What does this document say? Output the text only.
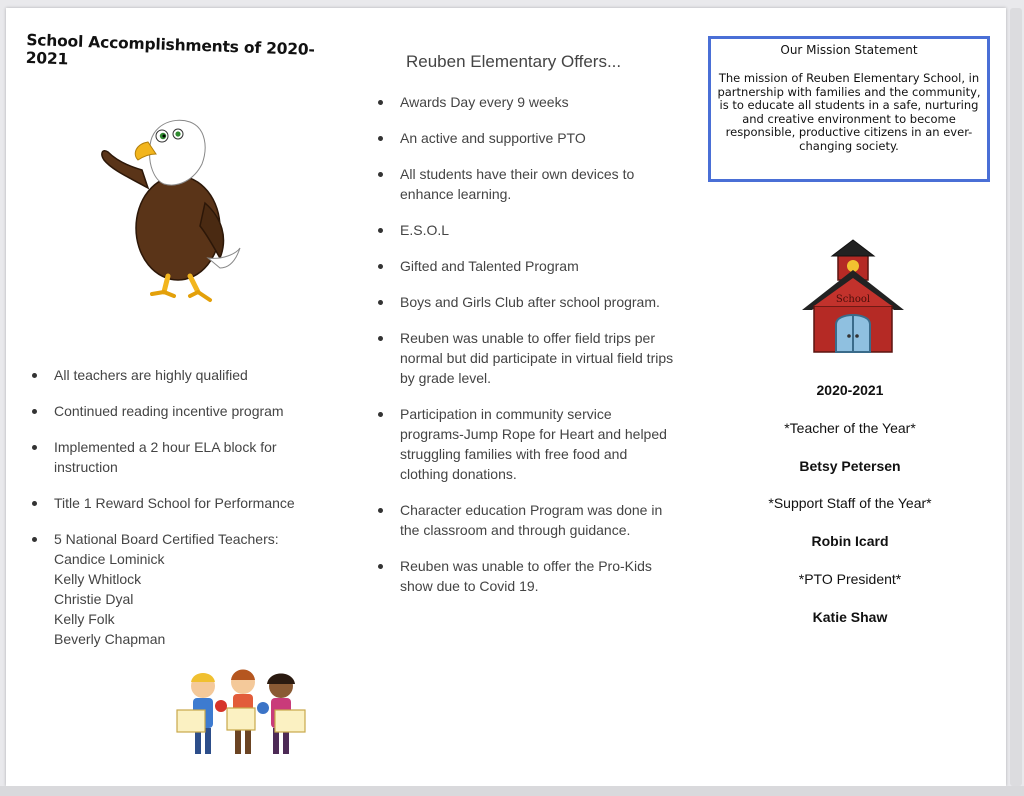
School Accomplishments of 2020-2021
All teachers are highly qualified
Continued reading incentive program
Implemented a 2 hour ELA block for instruction
Title 1 Reward School for Performance
5 National Board Certified Teachers:
Candice Lominick
Kelly Whitlock
Christie Dyal
Kelly Folk
Beverly Chapman
Reuben Elementary Offers...
Awards Day every 9 weeks
An active and supportive PTO
All students have their own devices to enhance learning.
E.S.O.L
Gifted and Talented Program
Boys and Girls Club after school program.
Reuben was unable to offer field trips per normal but did participate in virtual field trips by grade level.
Participation in community service programs-Jump Rope for Heart and helped struggling families with free food and clothing donations.
Character education Program was done in the classroom and through guidance.
Reuben was unable to offer the Pro-Kids show due to Covid 19.
Our Mission Statement
The mission of Reuben Elementary School, in partnership with families and the community, is to educate all students in a safe, nurturing and creative environment to become responsible, productive citizens in an ever-changing society.
School
2020-2021
*Teacher of the Year*
Betsy Petersen
*Support Staff of the Year*
Robin Icard
*PTO President*
Katie Shaw
